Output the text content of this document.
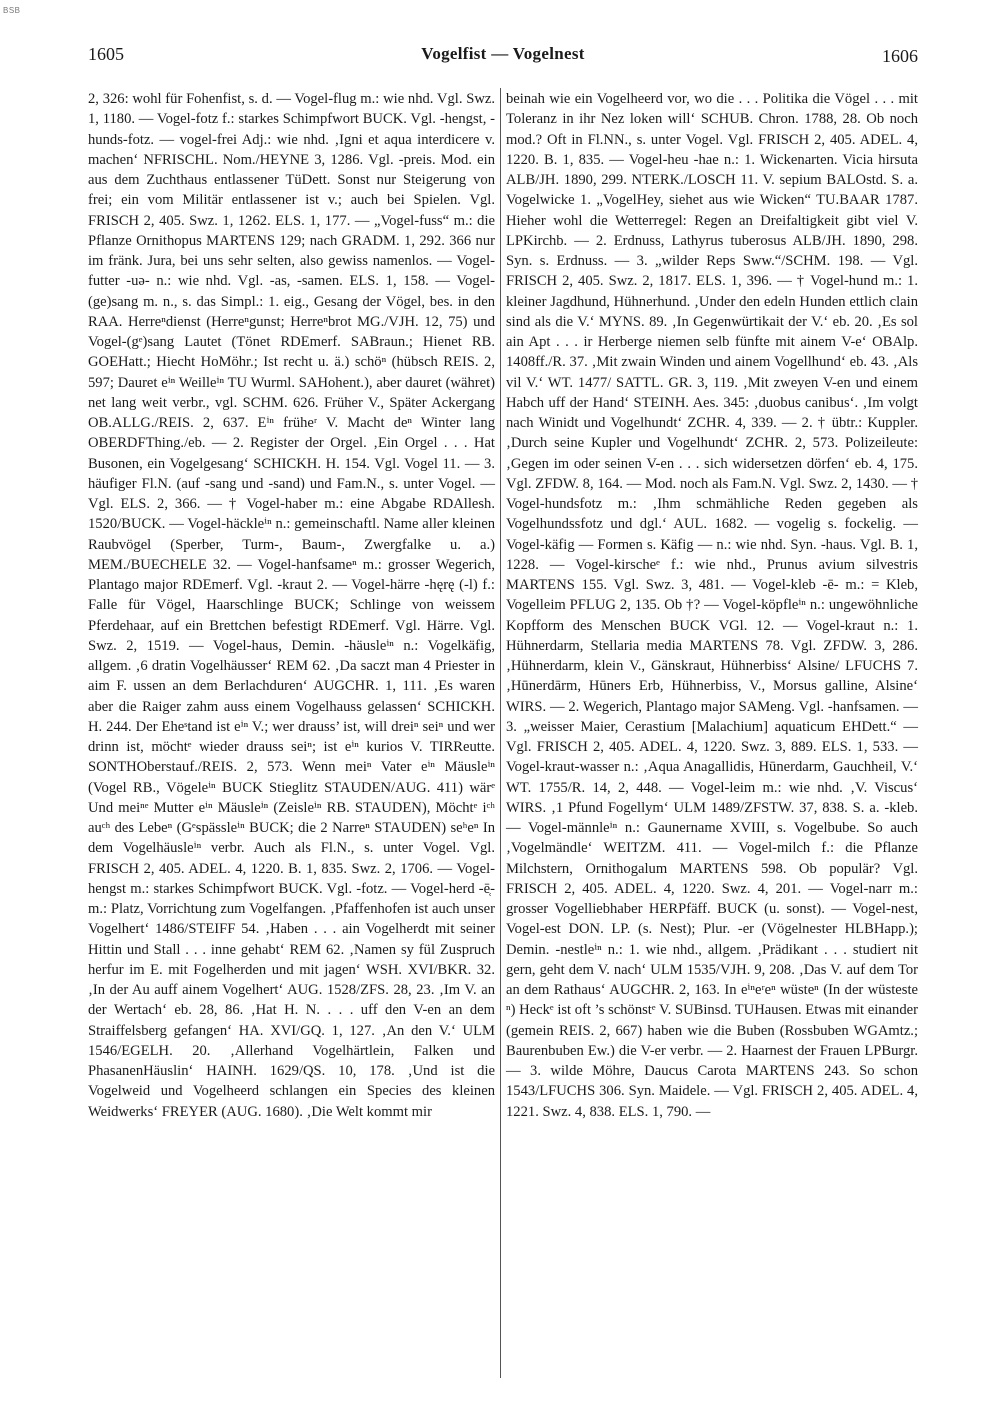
BSB
1605	Vogelfist — Vogelnest	1606

2, 326: wohl für Fohenfist, s. d. — Vogel-flug m.: wie nhd. Vgl. Swz. 1, 1180. — Vogel-fotz f.: starkes Schimpfwort BUCK. Vgl. -hengst, -hunds-fotz. — vogel-frei Adj.: wie nhd. ‚Igni et aqua interdicere v. machen‘ NFRISCHL. Nom./HEYNE 3, 1286. Vgl. -preis. Mod. ein aus dem Zuchthaus entlassener TüDett. Sonst nur Steigerung von frei; ein vom Militär entlassener ist v.; auch bei Spielen. Vgl. FRISCH 2, 405. Swz. 1, 1262. ELS. 1, 177. — „Vogel-fuss“ m.: die Pflanze Ornithopus MARTENS 129; nach GRADM. 1, 292. 366 nur im fränk. Jura, bei uns sehr selten, also gewiss namenlos. — Vogel-futter -uə- n.: wie nhd. Vgl. -as, -samen. ELS. 1, 158. — Vogel-(ge)sang m. n., s. das Simpl.: 1. eig., Gesang der Vögel, bes. in den RAA. Herreⁿdienst (Herreⁿgunst; Herreⁿbrot MG./VJH. 12, 75) und Vogel-(gᵉ)sang Lautet (Tönet RDEmerf. SABraun.; Hienet RB. GOEHatt.; Hiecht HoMöhr.; Ist recht u. ä.) schöⁿ (hübsch REIS. 2, 597; Dauret eⁱⁿ Weilleⁱⁿ TU Wurml. SAHohent.), aber dauret (währet) net lang weit verbr., vgl. SCHM. 626. Früher V., Später Ackergang OB.ALLG./REIS. 2, 637. Eⁱⁿ früheʳ V. Macht deⁿ Winter lang OBERDFThing./eb. — 2. Register der Orgel. ‚Ein Orgel . . . Hat Busonen, ein Vogelgesang‘ SCHICKH. H. 154. Vgl. Vogel 11. — 3. häufiger Fl.N. (auf -sang und -sand) und Fam.N., s. unter Vogel. — Vgl. ELS. 2, 366. — † Vogel-haber m.: eine Abgabe RDAllesh. 1520/BUCK. — Vogel-häckleⁱⁿ n.: gemeinschaftl. Name aller kleinen Raubvögel (Sperber, Turm-, Baum-, Zwergfalke u. a.) MEM./BUECHELE 32. — Vogel-hanfsameⁿ m.: grosser Wegerich, Plantago major RDEmerf. Vgl. -kraut 2. — Vogel-härre -hęrę (-l) f.: Falle für Vögel, Haarschlinge BUCK; Schlinge von weissem Pferdehaar, auf ein Brettchen befestigt RDEmerf. Vgl. Härre. Vgl. Swz. 2, 1519. — Vogel-haus, Demin. -häusleⁱⁿ n.: Vogelkäfig, allgem. ‚6 dratin Vogelhäusser‘ REM 62. ‚Da saczt man 4 Priester in aim F. ussen an dem Berlachduren‘ AUGCHR. 1, 111. ‚Es waren aber die Raiger zahm auss einem Vogelhauss gelassen‘ SCHICKH. H. 244. Der Eheˢtand ist eⁱⁿ V.; wer drauss’ ist, will dreiⁿ seiⁿ und wer drinn ist, möchtᵉ wieder drauss seiⁿ; ist eⁱⁿ kurios V. TIRReutte. SONTHOberstauf./REIS. 2, 573. Wenn meiⁿ Vater eⁱⁿ Mäusleⁱⁿ (Vogel RB., Vögeleⁱⁿ BUCK Stieglitz STAUDEN/AUG. 411) wärᵉ Und meiⁿᵉ Mutter eⁱⁿ Mäusleⁱⁿ (Zeisleⁱⁿ RB. STAUDEN), Möchtᵉ iᶜʰ auᶜʰ des Lebeⁿ (Gᵉspässleⁱⁿ BUCK; die 2 Narreⁿ STAUDEN) seʰeⁿ In dem Vogelhäusleⁱⁿ verbr. Auch als Fl.N., s. unter Vogel. Vgl. FRISCH 2, 405. ADEL. 4, 1220. B. 1, 835. Swz. 2, 1706. — Vogel-hengst m.: starkes Schimpfwort BUCK. Vgl. -fotz. — Vogel-herd -ē̜- m.: Platz, Vorrichtung zum Vogelfangen. ‚Pfaffenhofen ist auch unser Vogelhert‘ 1486/STEIFF 54. ‚Haben . . . ain Vogelherdt mit seiner Hittin und Stall . . . inne gehabt‘ REM 62. ‚Namen sy fül Zuspruch herfur im E. mit Fogelherden und mit jagen‘ WSH. XVI/BKR. 32. ‚In der Au auff ainem Vogelhert‘ AUG. 1528/ZFS. 28, 23. ‚Im V. an der Wertach‘ eb. 28, 86. ‚Hat H. N. . . . uff den V-en an dem Straiffelsberg gefangen‘ HA. XVI/GQ. 1, 127. ‚An den V.‘ ULM 1546/EGELH. 20. ‚Allerhand Vogelhärtlein, Falken und PhasanenHäuslin‘ HAINH. 1629/QS. 10, 178. ‚Und ist die Vogelweid und Vogelheerd schlangen ein Species des kleinen Weidwerks‘ FREYER (AUG. 1680). ‚Die Welt kommt mir

beinah wie ein Vogelheerd vor, wo die . . . Politika die Vögel . . . mit Toleranz in ihr Nez loken will‘ SCHUB. Chron. 1788, 28. Ob noch mod.? Oft in Fl.NN., s. unter Vogel. Vgl. FRISCH 2, 405. ADEL. 4, 1220. B. 1, 835. — Vogel-heu -hae n.: 1. Wickenarten. Vicia hirsuta ALB/JH. 1890, 299. NTERK./LOSCH 11. V. sepium BALOstd. S. a. Vogelwicke 1. „VogelHey, siehet aus wie Wicken“ TU.BAAR 1787. Hieher wohl die Wetterregel: Regen an Dreifaltigkeit gibt viel V. LPKirchb. — 2. Erdnuss, Lathyrus tuberosus ALB/JH. 1890, 298. Syn. s. Erdnuss. — 3. „wilder Reps Sww.“/SCHM. 198. — Vgl. FRISCH 2, 405. Swz. 2, 1817. ELS. 1, 396. — † Vogel-hund m.: 1. kleiner Jagdhund, Hühnerhund. ‚Under den edeln Hunden ettlich clain sind als die V.‘ MYNS. 89. ‚In Gegenwürtikait der V.‘ eb. 20. ‚Es sol ain Apt . . . ir Herberge niemen selb fünfte mit ainem V-e‘ OBAlp. 1408ff./R. 37. ‚Mit zwain Winden und ainem Vogellhund‘ eb. 43. ‚Als vil V.‘ WT. 1477/ SATTL. GR. 3, 119. ‚Mit zweyen V-en und einem Habch uff der Hand‘ STEINH. Aes. 345: ‚duobus canibus‘. ‚Im volgt nach Winidt und Vogelhundt‘ ZCHR. 4, 339. — 2. † übtr.: Kuppler. ‚Durch seine Kupler und Vogelhundt‘ ZCHR. 2, 573. Polizeileute: ‚Gegen im oder seinen V-en . . . sich widersetzen dörfen‘ eb. 4, 175. Vgl. ZFDW. 8, 164. — Mod. noch als Fam.N. Vgl. Swz. 2, 1430. — † Vogel-hundsfotz m.: ‚Ihm schmähliche Reden gegeben als Vogelhundssfotz und dgl.‘ AUL. 1682. — vogelig s. fockelig. — Vogel-käfig — Formen s. Käfig — n.: wie nhd. Syn. -haus. Vgl. B. 1, 1228. — Vogel-kirscheᵉ f.: wie nhd., Prunus avium silvestris MARTENS 155. Vgl. Swz. 3, 481. — Vogel-kleb -ē- m.: = Kleb, Vogelleim PFLUG 2, 135. Ob †? — Vogel-köpfleⁱⁿ n.: ungewöhnliche Kopfform des Menschen BUCK VGl. 12. — Vogel-kraut n.: 1. Hühnerdarm, Stellaria media MARTENS 78. Vgl. ZFDW. 3, 286. ‚Hühnerdarm, klein V., Gänskraut, Hühnerbiss‘ Alsine/ LFUCHS 7. ‚Hūnerdārm, Hūners Erb, Hühnerbiss, V., Morsus galline, Alsine‘ WIRS. — 2. Wegerich, Plantago major SAMeng. Vgl. -hanfsamen. — 3. „weisser Maier, Cerastium [Malachium] aquaticum EHDett.“ — Vgl. FRISCH 2, 405. ADEL. 4, 1220. Swz. 3, 889. ELS. 1, 533. — Vogel-kraut-wasser n.: ‚Aqua Anagallidis, Hūnerdarm, Gauchheil, V.‘ WT. 1755/R. 14, 2, 448. — Vogel-leim m.: wie nhd. ‚V. Viscus‘ WIRS. ‚1 Pfund Fogellym‘ ULM 1489/ZFSTW. 37, 838. S. a. -kleb. — Vogel-männleⁱⁿ n.: Gaunername XVIII, s. Vogelbube. So auch ‚Vogelmändle‘ WEITZM. 411. — Vogel-milch f.: die Pflanze Milchstern, Ornithogalum MARTENS 598. Ob populär? Vgl. FRISCH 2, 405. ADEL. 4, 1220. Swz. 4, 201. — Vogel-narr m.: grosser Vogelliebhaber HERPfäff. BUCK (u. sonst). — Vogel-nest, Vogel-est DON. LP. (s. Nest); Plur. -er (Vögelnester HLBHapp.); Demin. -nestleⁱⁿ n.: 1. wie nhd., allgem. ‚Prädikant . . . studiert nit gern, geht dem V. nach‘ ULM 1535/VJH. 9, 208. ‚Das V. auf dem Tor an dem Rathaus‘ AUGCHR. 2, 163. In eⁱⁿeʳeⁿ wüsteⁿ (In der wüsteste ⁿ) Heckᵉ ist oft ’s schönstᵉ V. SUBinsd. TUHausen. Etwas mit einander (gemein REIS. 2, 667) haben wie die Buben (Rossbuben WGAmtz.; Baurenbuben Ew.) die V-er verbr. — 2. Haarnest der Frauen LPBurgr. — 3. wilde Möhre, Daucus Carota MARTENS 243. So schon 1543/LFUCHS 306. Syn. Maidele. — Vgl. FRISCH 2, 405. ADEL. 4, 1221. Swz. 4, 838. ELS. 1, 790. —
